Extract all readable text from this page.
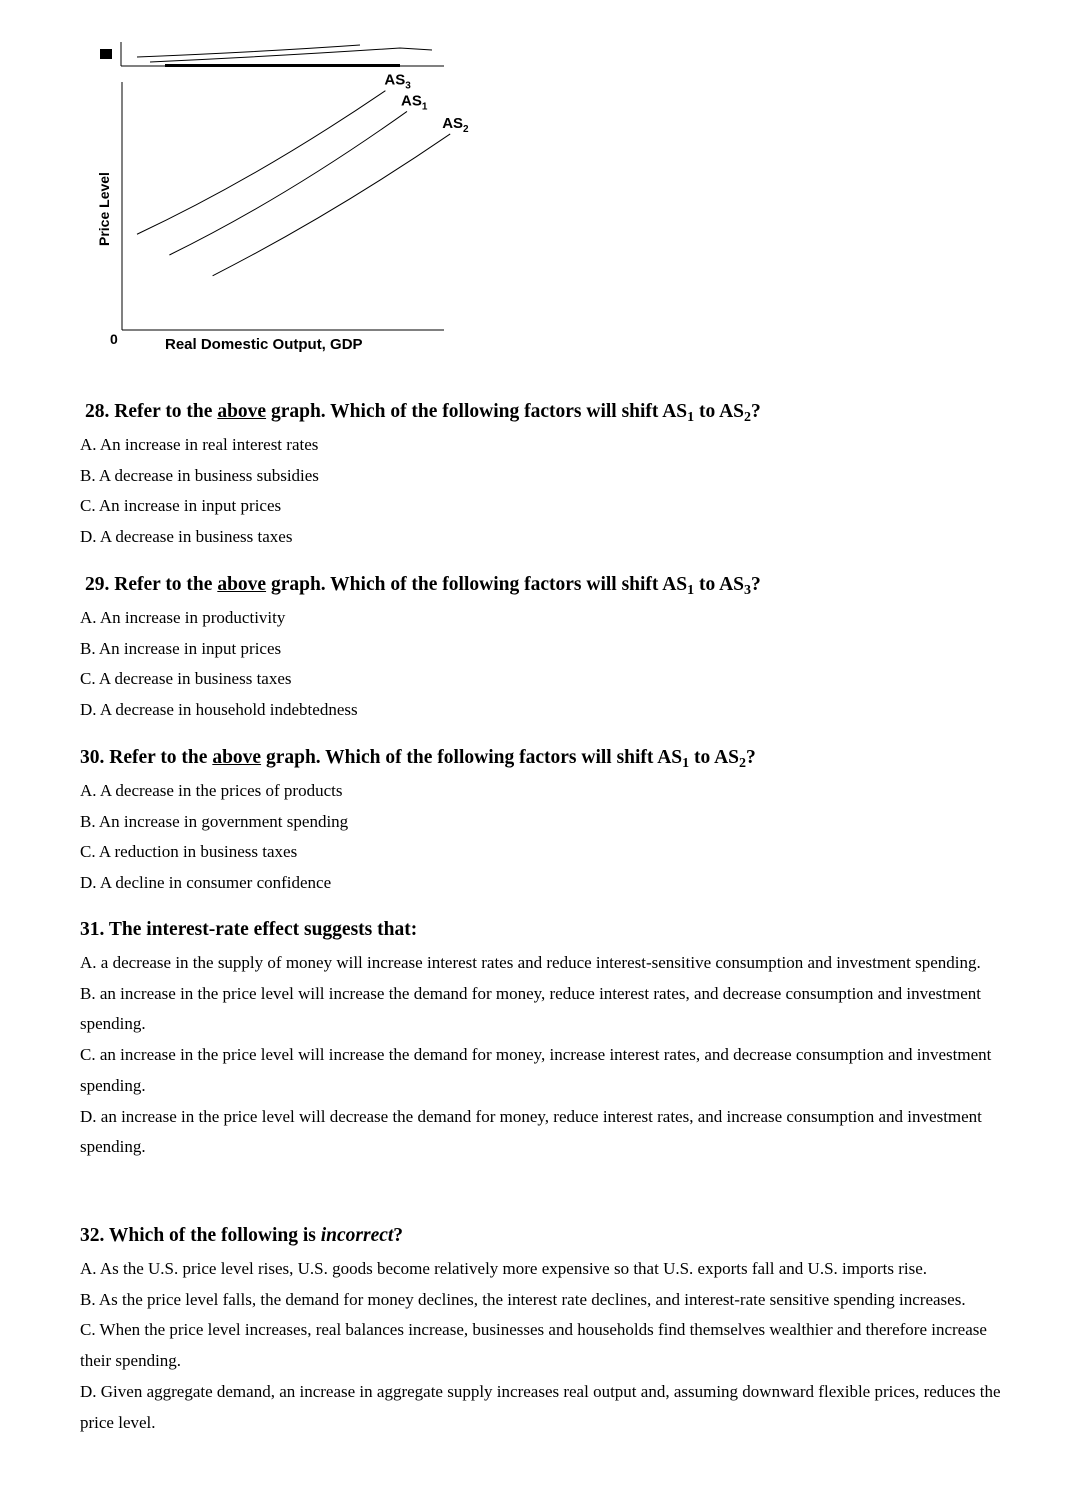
Price Level
0	Real Domestic Output, GDP
$AS_3$
$AS_1$
$AS_2$

28. Refer to the above graph. Which of the following factors will shift $AS_1$ to $AS_2$?

A. An increase in real interest rates

B. A decrease in business subsidies

C. An increase in input prices

D. A decrease in business taxes

29. Refer to the above graph. Which of the following factors will shift $AS_1$ to $AS_3$?

A. An increase in productivity

B. An increase in input prices

C. A decrease in business taxes

D. A decrease in household indebtedness

30. Refer to the above graph. Which of the following factors will shift $AS_1$ to $AS_2$?

A. A decrease in the prices of products

B. An increase in government spending

C. A reduction in business taxes

D. A decline in consumer confidence

31. The interest-rate effect suggests that:

A. a decrease in the supply of money will increase interest rates and reduce interest-sensitive consumption and investment spending.

B. an increase in the price level will increase the demand for money, reduce interest rates, and decrease consumption and investment spending.

C. an increase in the price level will increase the demand for money, increase interest rates, and decrease consumption and investment spending.

D. an increase in the price level will decrease the demand for money, reduce interest rates, and increase consumption and investment spending.

32. Which of the following is incorrect?

A. As the U.S. price level rises, U.S. goods become relatively more expensive so that U.S. exports fall and U.S. imports rise.

B. As the price level falls, the demand for money declines, the interest rate declines, and interest-rate sensitive spending increases.

C. When the price level increases, real balances increase, businesses and households find themselves wealthier and therefore increase their spending.

D. Given aggregate demand, an increase in aggregate supply increases real output and, assuming downward flexible prices, reduces the price level.
